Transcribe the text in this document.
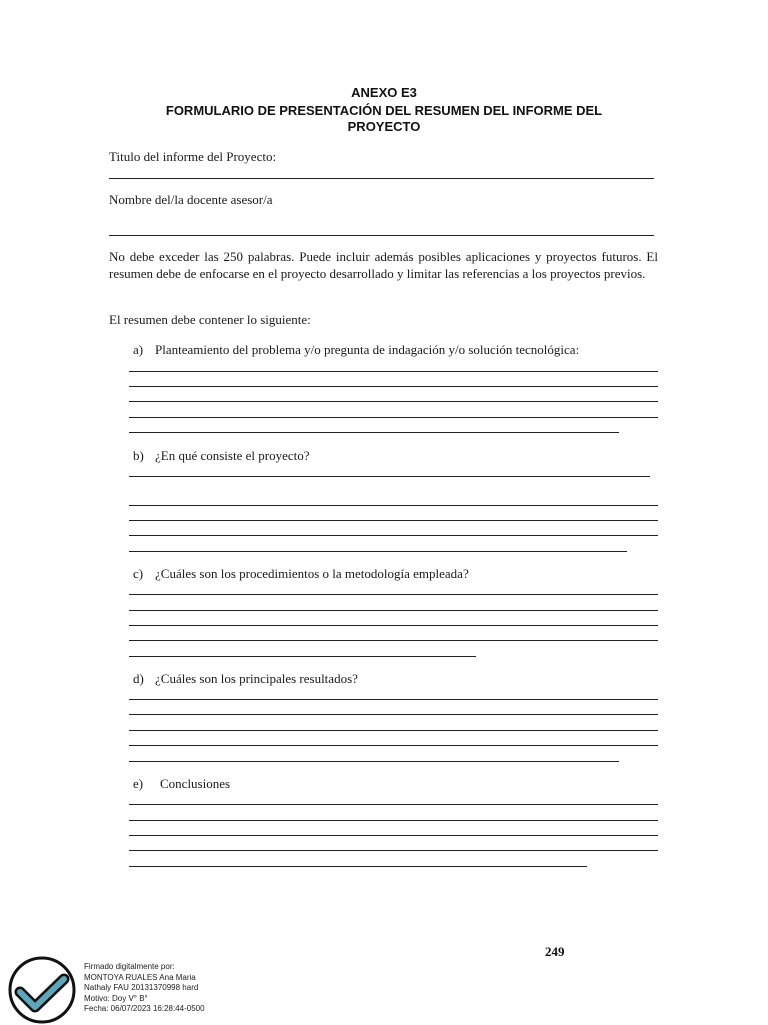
ANEXO E3
FORMULARIO DE PRESENTACIÓN DEL RESUMEN DEL INFORME DEL
PROYECTO
Titulo del informe del Proyecto:
Nombre del/la docente asesor/a
No debe exceder las 250 palabras. Puede incluir además posibles aplicaciones y proyectos futuros. El resumen debe de enfocarse en el proyecto desarrollado y limitar las referencias a los proyectos previos.
El resumen debe contener lo siguiente:
a) Planteamiento del problema y/o pregunta de indagación y/o solución tecnológica:
b) ¿En qué consiste el proyecto?
c) ¿Cuáles son los procedimientos o la metodología empleada?
d) ¿Cuáles son los principales resultados?
e) Conclusiones
249
Firmado digitalmente por:
MONTOYA RUALES Ana Maria
Nathaly FAU 20131370998 hard
Motivo: Doy V° B°
Fecha: 06/07/2023 16:28:44-0500
